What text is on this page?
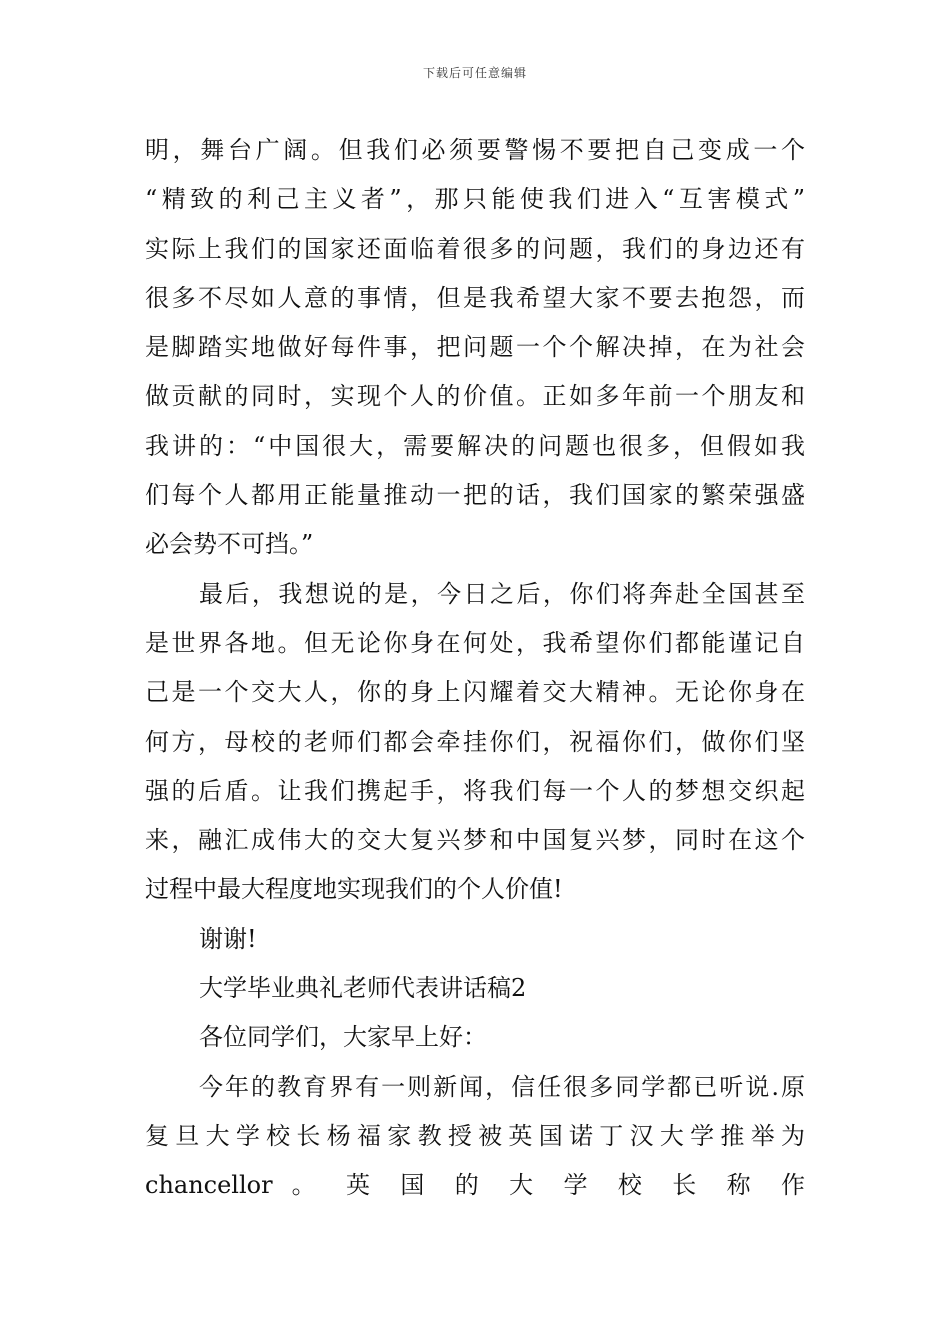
下载后可任意编辑
明，舞台广阔。但我们必须要警惕不要把自己变成一个
“精致的利己主义者”，那只能使我们进入“互害模式”
实际上我们的国家还面临着很多的问题，我们的身边还有
很多不尽如人意的事情，但是我希望大家不要去抱怨，而
是脚踏实地做好每件事，把问题一个个解决掉，在为社会
做贡献的同时，实现个人的价值。正如多年前一个朋友和
我讲的：“中国很大，需要解决的问题也很多，但假如我
们每个人都用正能量推动一把的话，我们国家的繁荣强盛
必会势不可挡。”
最后，我想说的是，今日之后，你们将奔赴全国甚至
是世界各地。但无论你身在何处，我希望你们都能谨记自
己是一个交大人，你的身上闪耀着交大精神。无论你身在
何方，母校的老师们都会牵挂你们，祝福你们，做你们坚
强的后盾。让我们携起手，将我们每一个人的梦想交织起
来，融汇成伟大的交大复兴梦和中国复兴梦，同时在这个
过程中最大程度地实现我们的个人价值!
谢谢!
大学毕业典礼老师代表讲话稿2
各位同学们，大家早上好：
今年的教育界有一则新闻，信任很多同学都已听说.原
复旦大学校长杨福家教授被英国诺丁汉大学推举为
chancellor 。 英 国 的 大 学 校 长 称 作
